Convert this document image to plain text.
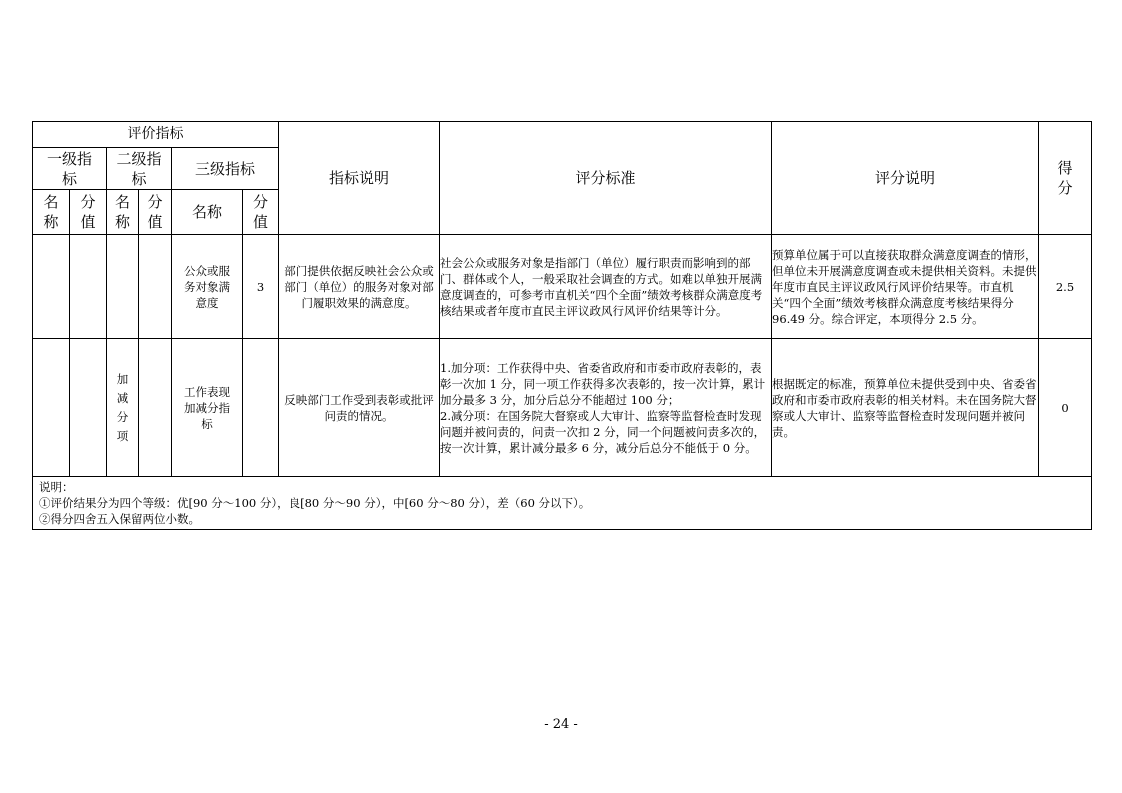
评价指标						指标说明	评分标准	评分说明	得分
一级指标		二级指标		三级指标					
名称	分值	名称	分值	名称	分值				
				公众或服务对象满意度	3	部门提供依据反映社会公众或部门（单位）的服务对象对部门履职效果的满意度。	社会公众或服务对象是指部门（单位）履行职责而影响到的部门、群体或个人，一般采取社会调查的方式。如难以单独开展满意度调查的，可参考市直机关“四个全面”绩效考核群众满意度考核结果或者年度市直民主评议政风行风评价结果等计分。	预算单位属于可以直接获取群众满意度调查的情形，但单位未开展满意度调查或未提供相关资料。未提供年度市直民主评议政风行风评价结果等。市直机关“四个全面”绩效考核群众满意度考核结果得分 96.49 分。综合评定，本项得分 2.5 分。	2.5
		加减分项		工作表现加减分指标		反映部门工作受到表彰或批评问责的情况。	1.加分项：工作获得中央、省委省政府和市委市政府表彰的，表彰一次加 1 分，同一项工作获得多次表彰的，按一次计算，累计加分最多 3 分，加分后总分不能超过 100 分；
2.减分项：在国务院大督察或人大审计、监察等监督检查时发现问题并被问责的，问责一次扣 2 分，同一个问题被问责多次的，按一次计算，累计减分最多 6 分，减分后总分不能低于 0 分。	根据既定的标准，预算单位未提供受到中央、省委省政府和市委市政府表彰的相关材料。未在国务院大督察或人大审计、监察等监督检查时发现问题并被问责。	0

说明：
①评价结果分为四个等级：优[90 分～100 分），良[80 分～90 分），中[60 分～80 分），差（60 分以下）。
②得分四舍五入保留两位小数。									
- 24 -
